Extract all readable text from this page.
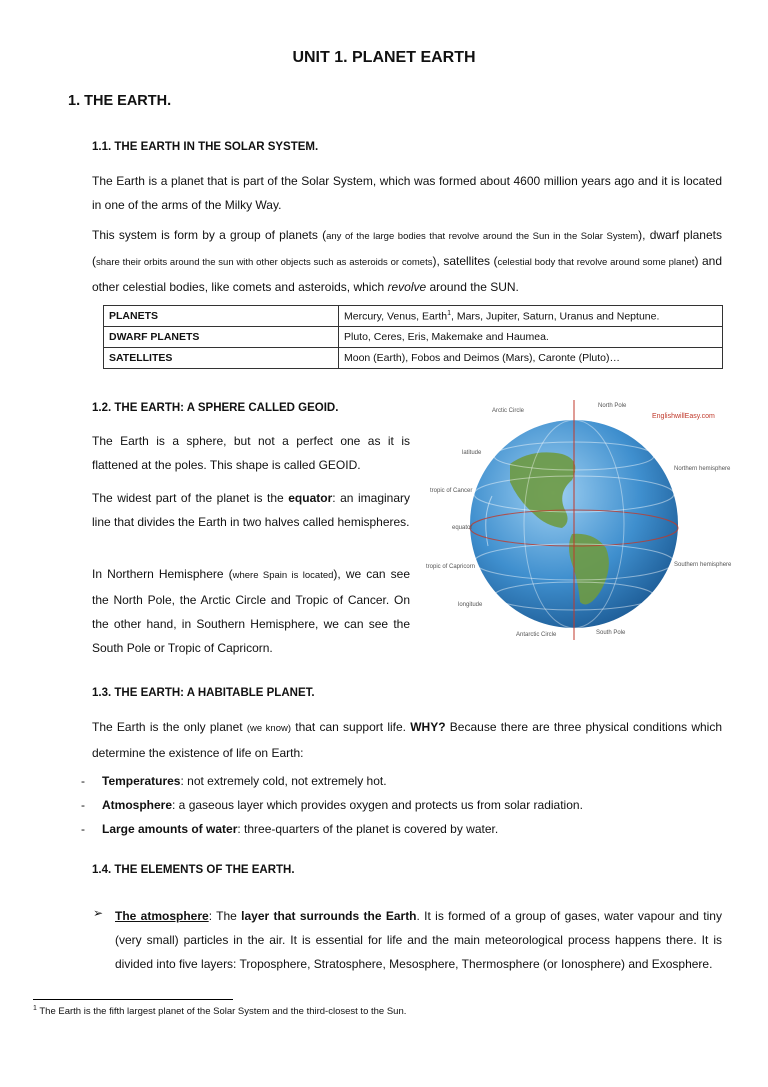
UNIT 1. PLANET EARTH
1. THE EARTH.
1.1. THE EARTH IN THE SOLAR SYSTEM.
The Earth is a planet that is part of the Solar System, which was formed about 4600 million years ago and it is located in one of the arms of the Milky Way.
This system is form by a group of planets (any of the large bodies that revolve around the Sun in the Solar System), dwarf planets (share their orbits around the sun with other objects such as asteroids or comets), satellites (celestial body that revolve around some planet) and other celestial bodies, like comets and asteroids, which revolve around the SUN.
PLANETS	Mercury, Venus, Earth$^1$, Mars, Jupiter, Saturn, Uranus and Neptune.
DWARF PLANETS	Pluto, Ceres, Eris, Makemake and Haumea.
SATELLITES	Moon (Earth), Fobos and Deimos (Mars), Caronte (Pluto)…
1.2. THE EARTH: A SPHERE CALLED GEOID.
The Earth is a sphere, but not a perfect one as it is flattened at the poles. This shape is called GEOID.
The widest part of the planet is the equator: an imaginary line that divides the Earth in two halves called hemispheres.
In Northern Hemisphere (where Spain is located), we can see the North Pole, the Arctic Circle and Tropic of Cancer. On the other hand, in Southern Hemisphere, we can see the South Pole or Tropic of Capricorn.
Arctic Circle
North Pole
latitude
tropic of Cancer
equator
tropic of Capricorn
longitude
Antarctic Circle	South Pole
Northern hemisphere
Southern hemisphere
EnglishwillEasy.com
1.3. THE EARTH: A HABITABLE PLANET.
The Earth is the only planet (we know) that can support life. WHY? Because there are three physical conditions which determine the existence of life on Earth:
- Temperatures: not extremely cold, not extremely hot.
- Atmosphere: a gaseous layer which provides oxygen and protects us from solar radiation.
- Large amounts of water: three-quarters of the planet is covered by water.
1.4. THE ELEMENTS OF THE EARTH.
➢ The atmosphere: The layer that surrounds the Earth. It is formed of a group of gases, water vapour and tiny (very small) particles in the air. It is essential for life and the main meteorological process happens there. It is divided into five layers: Troposphere, Stratosphere, Mesosphere, Thermosphere (or Ionosphere) and Exosphere.
$^1$ The Earth is the fifth largest planet of the Solar System and the third-closest to the Sun.
